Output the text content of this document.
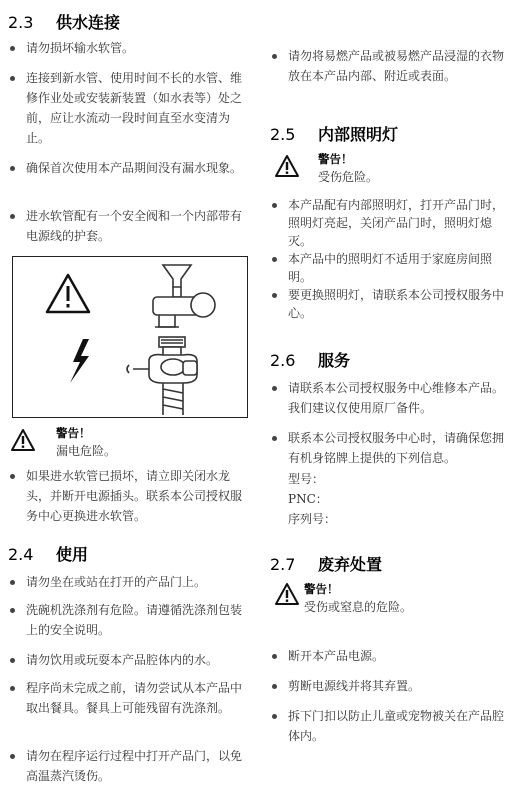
2.3 供水连接
请勿损坏输水软管。
连接到新水管、使用时间不长的水管、维修作业处或安装新装置（如水表等）处之前，应让水流动一段时间直至水变清为止。
确保首次使用本产品期间没有漏水现象。
进水软管配有一个安全阀和一个内部带有电源线的护套。
警告！
漏电危险。
如果进水软管已损坏，请立即关闭水龙头，并断开电源插头。联系本公司授权服务中心更换进水软管。
2.4 使用
请勿坐在或站在打开的产品门上。
洗碗机洗涤剂有危险。请遵循洗涤剂包装上的安全说明。
请勿饮用或玩耍本产品腔体内的水。
程序尚未完成之前，请勿尝试从本产品中取出餐具。餐具上可能残留有洗涤剂。
请勿在程序运行过程中打开产品门，以免高温蒸汽烫伤。
请勿将易燃产品或被易燃产品浸湿的衣物放在本产品内部、附近或表面。
2.5 内部照明灯
警告！
受伤危险。
本产品配有内部照明灯，打开产品门时，照明灯亮起，关闭产品门时，照明灯熄灭。
本产品中的照明灯不适用于家庭房间照明。
要更换照明灯，请联系本公司授权服务中心。
2.6 服务
请联系本公司授权服务中心维修本产品。我们建议仅使用原厂备件。
联系本公司授权服务中心时，请确保您拥有机身铭牌上提供的下列信息。
型号：
PNC：
序列号：
2.7 废弃处置
警告！
受伤或窒息的危险。
断开本产品电源。
剪断电源线并将其弃置。
拆下门扣以防止儿童或宠物被关在产品腔体内。
